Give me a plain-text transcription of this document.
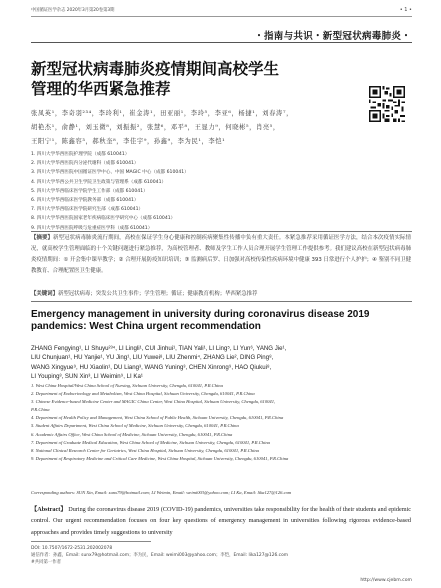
中国循证医学杂志 2020年3月第20卷第3期	• 1 •
・指南与共识・新型冠状病毒肺炎・
新型冠状病毒肺炎疫情期间高校学生
管理的华西紧急推荐
张凤英¹，李奇羽²³⁴，李玲利¹，崔金涛¹，田亚丽¹，李玲⁵，李亚⁶，杨捷¹，刘春涛⁷，
胡艳杰¹，俞静¹，刘玉微⁸，刘振振²，张慧⁶，邓平⁸，王显力⁹，何晓彬⁵，肖亮⁵，
王阳宁¹，陈鑫容³，郝秋奎⁸，李佳宇⁹，孙鑫⁹，李为民¹，李恺¹
1. 四川大学华西医院护理学院（成都 610041）
2. 四川大学华西医院内分泌代谢科（成都 610041）
3. 四川大学华西医院中国循证医学中心、中国 MAGIC 中心（成都 610041）
4. 四川大学华西公共卫生学院卫生政策与管理系（成都 610041）
5. 四川大学华西临床医学院学生工作部（成都 610041）
6. 四川大学华西临床医学院教务部（成都 610041）
7. 四川大学华西临床医学院研究生部（成都 610041）
8. 四川大学华西医院国家老年疾病临床医学研究中心（成都 610041）
9. 四川大学华西医院呼吸与危重症医学科（成都 610041）
【摘要】新型冠状病毒肺炎流行期间，高校在保证学生身心健康和控制疾病聚集性传播中负有重大责任。本紧急推荐采用循证医学方法，结合本次疫情实际情况，就高校学生管理面临的十个关键问题进行紧急推荐，为高校管理者、教师及学生工作人员合理开展学生管理工作提供参考。我们建议高校在新型冠状病毒肺炎疫情期间：① 开会集中课早教学；② 合理开展防疫知识培训；③ 监测病后罗、日加强对高校传染性疾病环境中健康 393 日常进行个人护护；④ 鉴别不同卫健教教育、合理配置医卫生健康。
【关键词】新型冠状病毒；突发公共卫生事件；学生管理；循证；健康教育机构；华西紧急推荐
Emergency management in university during coronavirus disease 2019 pandemics: West China urgent recommendation
ZHANG Fengying¹, LI Shuyu²³⁴, LI Lingli¹, CUI Jinhui¹, TIAN Yali¹, LI Ling⁵, LI Yun⁶, YANG Jie¹,
LIU Chunjuan¹, HU Yanjie¹, YU Jing¹, LIU Yuwei⁸, LIU Zhenmi⁴, ZHANG Lie², DING Ping⁸,
WANG Xingyue⁹, HU Xiaolin¹, DU Liang³, WANG Yuning³, CHEN Xinrong⁹, HAO Qiukui⁸,
LI Youping³, SUN Xin³, LI Weimin⁹, LI Ka¹
1. West China Hospital/West China School of Nursing, Sichuan University, Chengdu, 610041, P.R.China
2. Department of Endocrinology and Metabolism, West China Hospital, Sichuan University, Chengdu, 610041, P.R.China
3. Chinese Evidence-based Medicine Center and MAGIC China Center, West China Hospital, Sichuan University, Chengdu, 610041,
P.R.China
4. Department of Health Policy and Management, West China School of Public Health, Sichuan University, Chengdu, 610041, P.R.China
5. Student Affairs Department, West China School of Medicine, Sichuan University, Chengdu, 610041, P.R.China
6. Academic Affairs Office, West China School of Medicine, Sichuan University, Chengdu, 610041, P.R.China
7. Department of Graduate Medical Education, West China School of Medicine, Sichuan University, Chengdu, 610041, P.R.China
8. National Clinical Research Center for Geriatrics, West China Hospital, Sichuan University, Chengdu, 610041, P.R.China
9. Department of Respiratory Medicine and Critical Care Medicine, West China Hospital, Sichuan University, Chengdu, 610041, P.R.China
Corresponding authors: SUN Xin, Email: sunx79@hotmail.com; LI Weimin, Email: weimi003@yahoo.com; LI Ka, Email: lika127@126.com
【Abstract】 During the coronavirus disease 2019 (COVID-19) pandemics, universities take responsibility for the health of their students and epidemic control. Our urgent recommendation focuses on four key questions of emergency management in universities following rigorous evidence-based approaches and provides timely suggestions to university
DOI: 10.7507/1672-2531.202002078
通信作者：孙鑫，Email: sunx79@hotmail.com；李为民，Email: weimi003@yahoo.com；李恺，Email: lika127@126.com
#共同第一作者
http://www.cjebm.com
